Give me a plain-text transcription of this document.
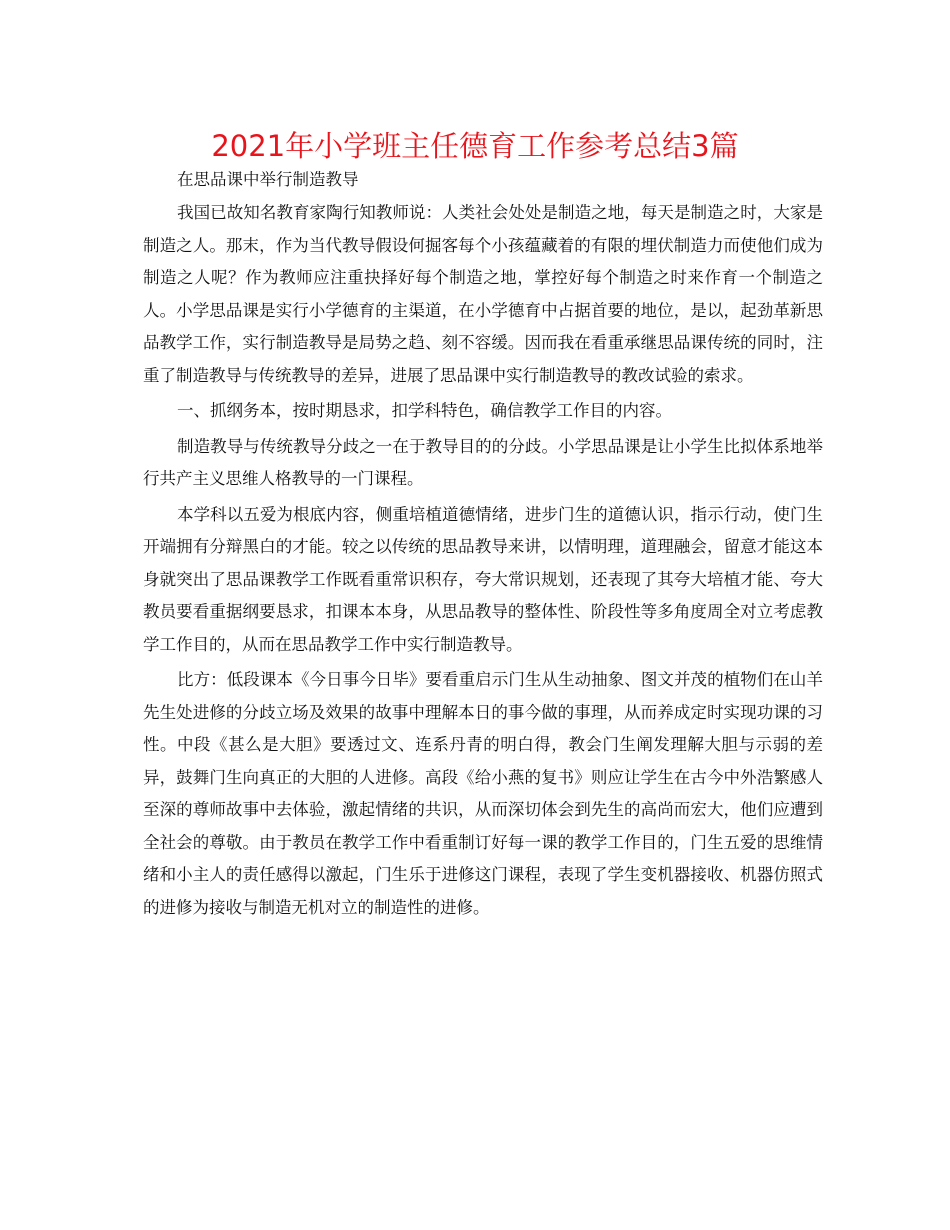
2021年小学班主任德育工作参考总结3篇

在思品课中举行制造教导

我国已故知名教育家陶行知教师说：人类社会处处是制造之地，每天是制造之时，大家是制造之人。那末，作为当代教导假设何掘客每个小孩蕴藏着的有限的埋伏制造力而使他们成为制造之人呢？作为教师应注重抉择好每个制造之地，掌控好每个制造之时来作育一个制造之人。小学思品课是实行小学德育的主渠道，在小学德育中占据首要的地位，是以，起劲革新思品教学工作，实行制造教导是局势之趋、刻不容缓。因而我在看重承继思品课传统的同时，注重了制造教导与传统教导的差异，进展了思品课中实行制造教导的教改试验的索求。

一、抓纲务本，按时期恳求，扣学科特色，确信教学工作目的内容。

制造教导与传统教导分歧之一在于教导目的的分歧。小学思品课是让小学生比拟体系地举行共产主义思维人格教导的一门课程。

本学科以五爱为根底内容，侧重培植道德情绪，进步门生的道德认识，指示行动，使门生开端拥有分辩黑白的才能。较之以传统的思品教导来讲，以情明理，道理融会，留意才能这本身就突出了思品课教学工作既看重常识积存，夸大常识规划，还表现了其夸大培植才能、夸大教员要看重据纲要恳求，扣课本本身，从思品教导的整体性、阶段性等多角度周全对立考虑教学工作目的，从而在思品教学工作中实行制造教导。

比方：低段课本《今日事今日毕》要看重启示门生从生动抽象、图文并茂的植物们在山羊先生处进修的分歧立场及效果的故事中理解本日的事今做的事理，从而养成定时实现功课的习性。中段《甚么是大胆》要透过文、连系丹青的明白得，教会门生阐发理解大胆与示弱的差异，鼓舞门生向真正的大胆的人进修。高段《给小燕的复书》则应让学生在古今中外浩繁感人至深的尊师故事中去体验，激起情绪的共识，从而深切体会到先生的高尚而宏大，他们应遭到全社会的尊敬。由于教员在教学工作中看重制订好每一课的教学工作目的，门生五爱的思维情绪和小主人的责任感得以激起，门生乐于进修这门课程，表现了学生变机器接收、机器仿照式的进修为接收与制造无机对立的制造性的进修。
